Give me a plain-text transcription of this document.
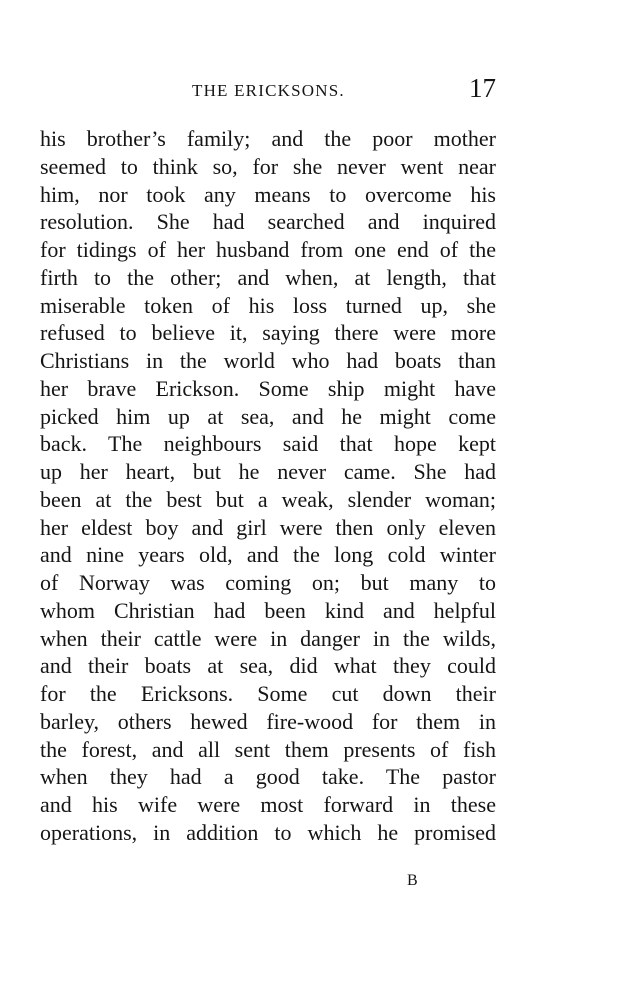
THE ERICKSONS.	17
his brother’s family; and the poor mother
seemed to think so, for she never went near
him, nor took any means to overcome his
resolution. She had searched and inquired
for tidings of her husband from one end of the
firth to the other; and when, at length, that
miserable token of his loss turned up, she
refused to believe it, saying there were more
Christians in the world who had boats than
her brave Erickson. Some ship might have
picked him up at sea, and he might come
back. The neighbours said that hope kept
up her heart, but he never came. She had
been at the best but a weak, slender woman;
her eldest boy and girl were then only eleven
and nine years old, and the long cold winter
of Norway was coming on; but many to
whom Christian had been kind and helpful
when their cattle were in danger in the wilds,
and their boats at sea, did what they could
for the Ericksons. Some cut down their
barley, others hewed fire-wood for them in
the forest, and all sent them presents of fish
when they had a good take. The pastor
and his wife were most forward in these
operations, in addition to which he promised
B
